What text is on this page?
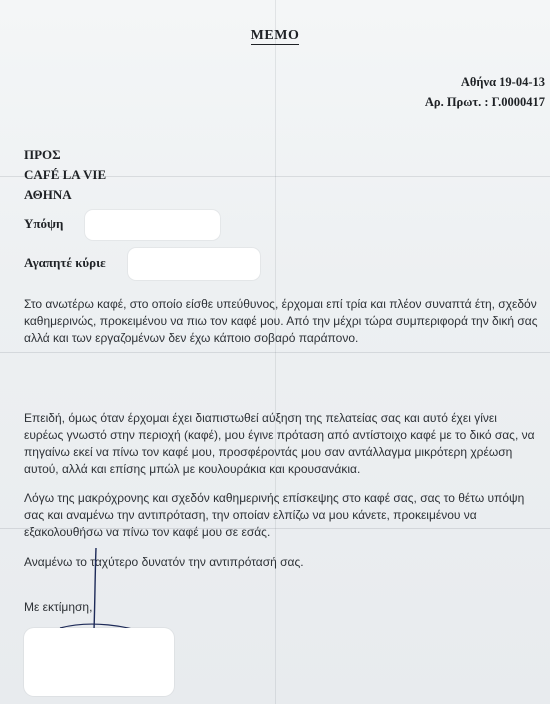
MEMO
Αθήνα 19-04-13
Αρ. Πρωτ. : Γ.0000417
ΠΡΟΣ
CAFÉ LA VIE
ΑΘΗΝΑ
Υπόψη
Αγαπητέ κύριε

Στο ανωτέρω καφέ, στο οποίο είσθε υπεύθυνος, έρχομαι επί τρία και πλέον συναπτά έτη, σχεδόν καθημερινώς, προκειμένου να πιω τον καφέ μου. Από την μέχρι τώρα συμπεριφορά την δική σας αλλά και των εργαζομένων δεν έχω κάποιο σοβαρό παράπονο.

Επειδή, όμως όταν έρχομαι έχει διαπιστωθεί αύξηση της πελατείας σας και αυτό έχει γίνει ευρέως γνωστό στην περιοχή (καφέ), μου έγινε πρόταση από αντίστοιχο καφέ με το δικό σας, να πηγαίνω εκεί να πίνω τον καφέ μου, προσφέροντάς μου σαν αντάλλαγμα μικρότερη χρέωση αυτού, αλλά και επίσης μπώλ με κουλουράκια και κρουσανάκια.

Λόγω της μακρόχρονης και σχεδόν καθημερινής επίσκεψης στο καφέ σας, σας το θέτω υπόψη σας και αναμένω την αντιπρόταση, την οποίαν ελπίζω να μου κάνετε, προκειμένου να εξακολουθήσω να πίνω τον καφέ μου σε εσάς.

Αναμένω το ταχύτερο δυνατόν την αντιπρότασή σας.

Με εκτίμηση,
